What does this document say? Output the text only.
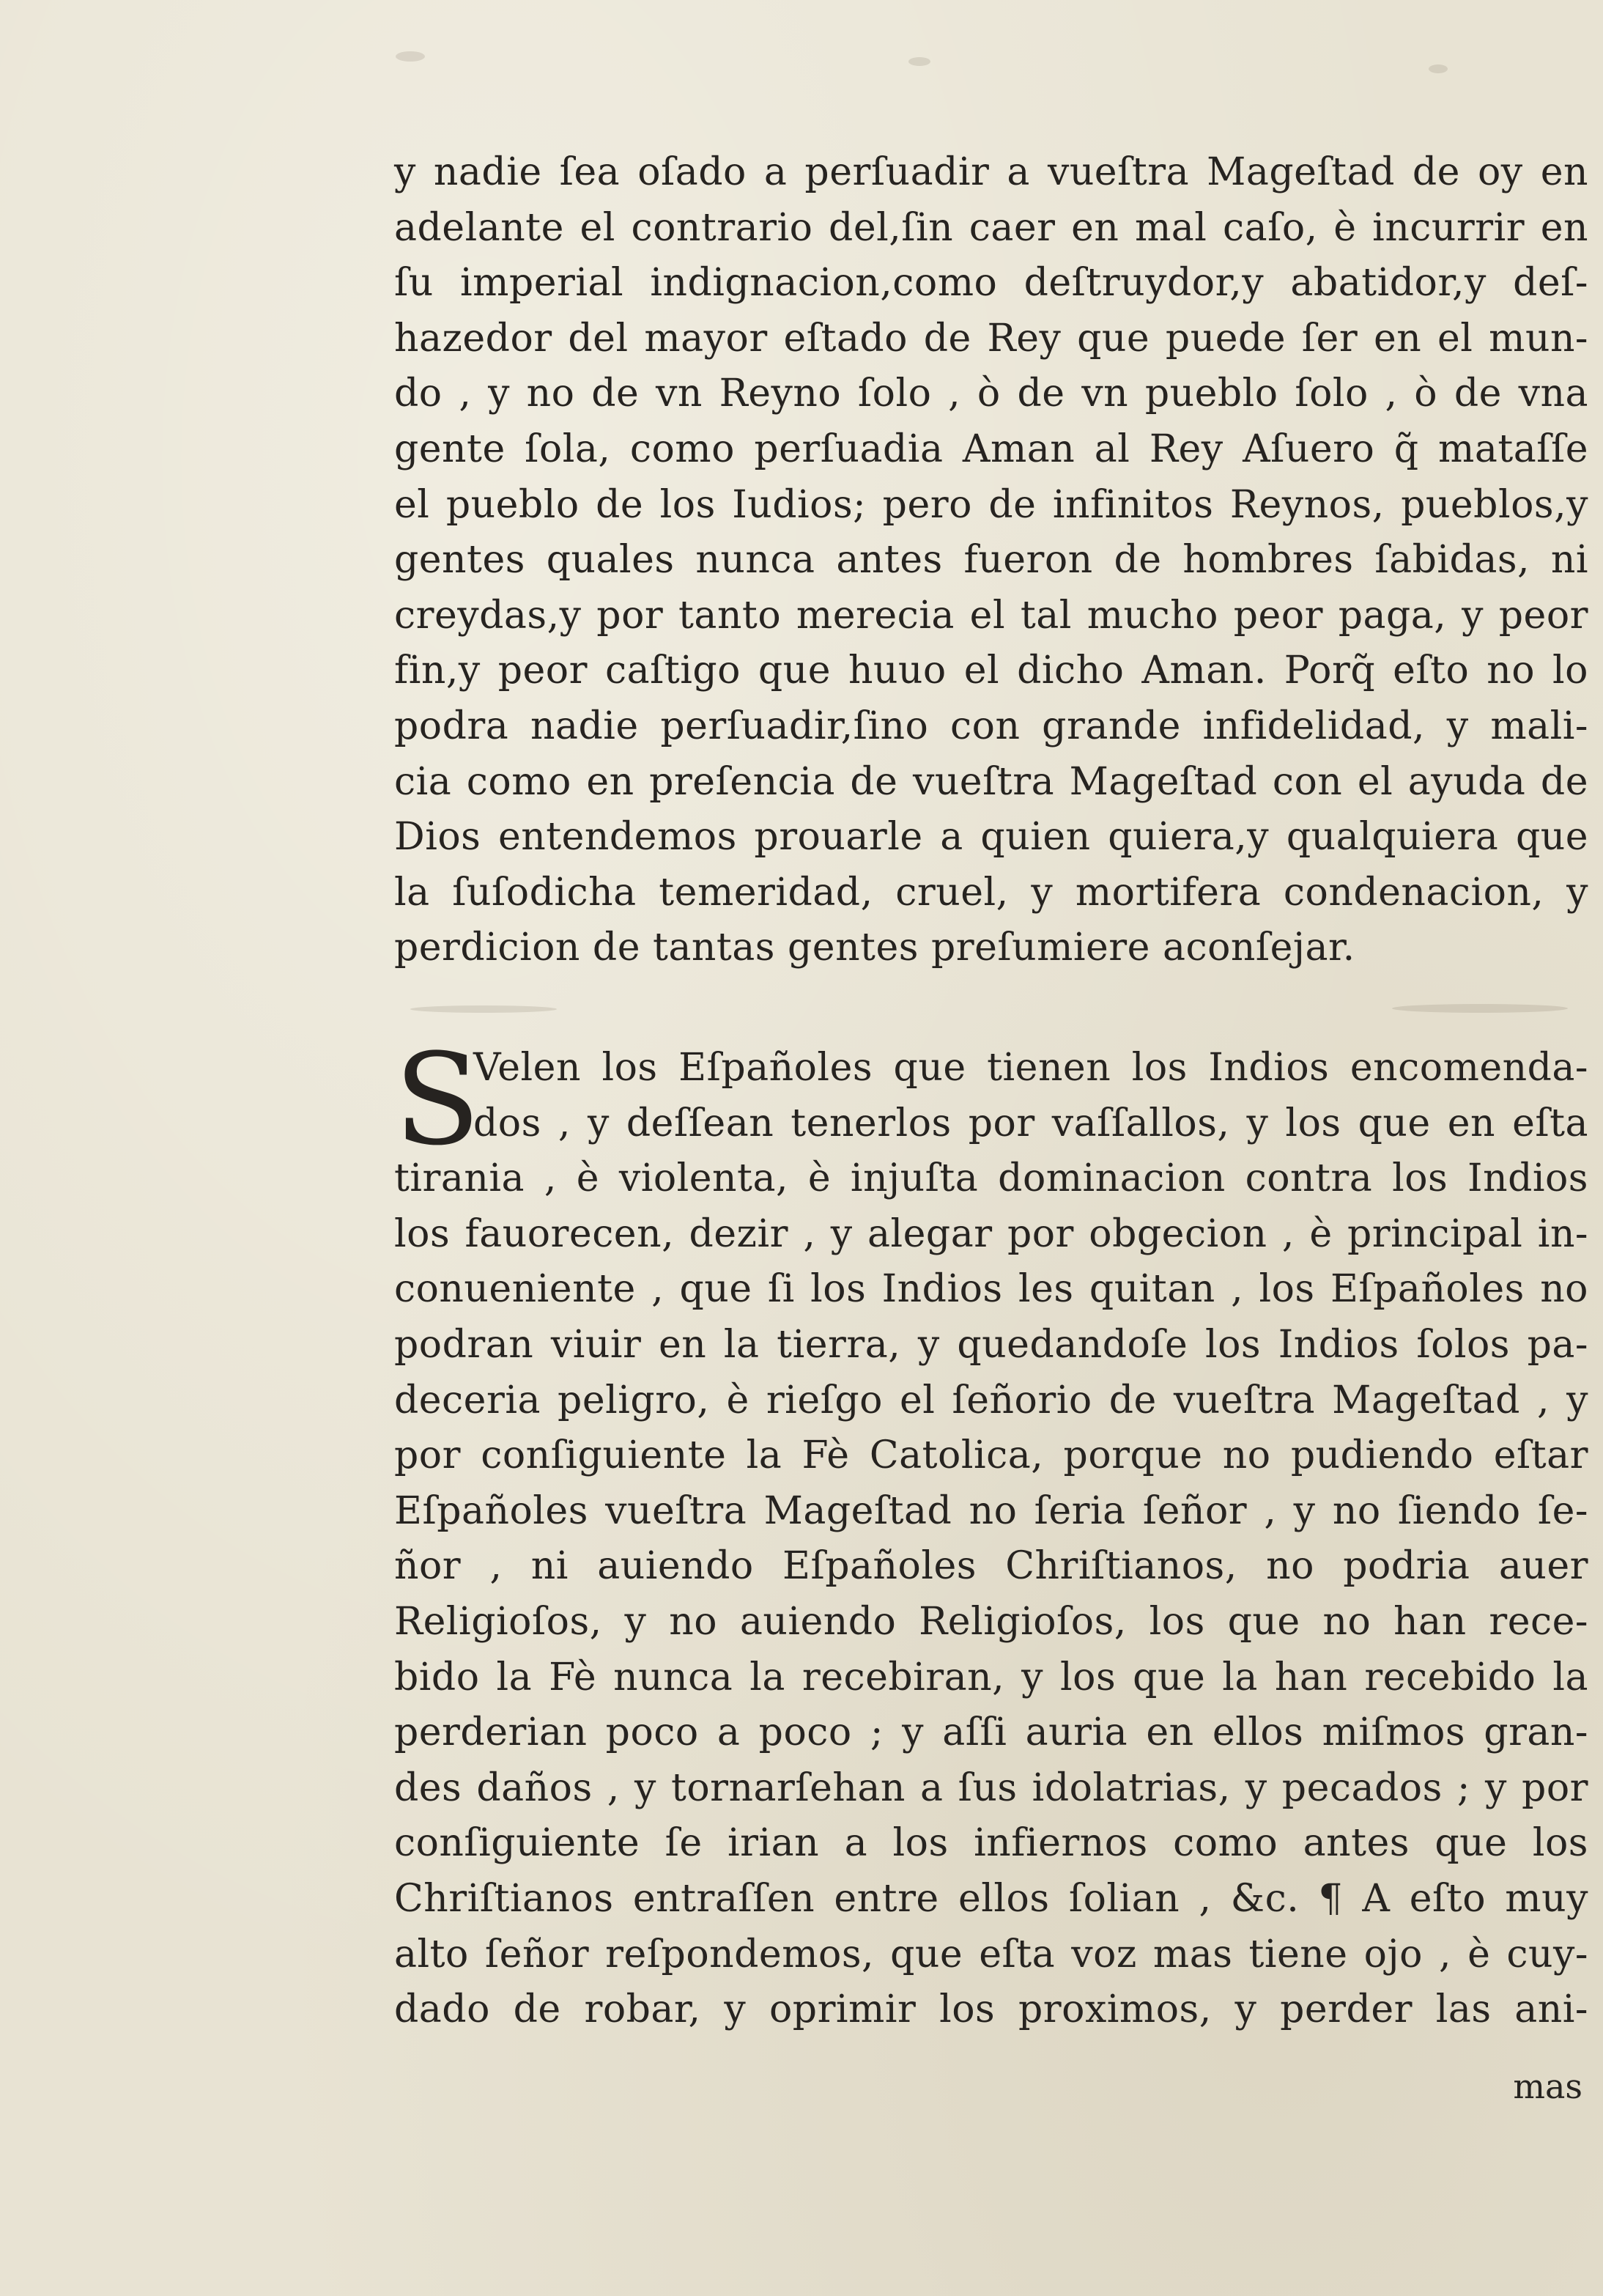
y nadie ſea oſado a perſuadir a vueſtra Mageſtad de oy en
adelante el contrario del,ſin caer en mal caſo, è incurrir en
ſu imperial indignacion,como deſtruydor,y abatidor,y deſ-
hazedor del mayor eſtado de Rey que puede ſer en el mun-
do , y no de vn Reyno ſolo , ò de vn pueblo ſolo , ò de vna
gente ſola, como perſuadia Aman al Rey Aſuero q̃ mataſſe
el pueblo de los Iudios; pero de infinitos Reynos, pueblos,y
gentes quales nunca antes fueron de hombres ſabidas, ni
creydas,y por tanto merecia el tal mucho peor paga, y peor
fin,y peor caſtigo que huuo el dicho Aman. Porq̃ eſto no lo
podra nadie perſuadir,ſino con grande infidelidad, y mali-
cia como en preſencia de vueſtra Mageſtad con el ayuda de
Dios entendemos prouarle a quien quiera,y qualquiera que
la ſuſodicha temeridad, cruel, y mortifera condenacion, y
perdicion de tantas gentes preſumiere aconſejar.
S
Velen los Eſpañoles que tienen los Indios encomenda-
dos , y deſſean tenerlos por vaſſallos, y los que en eſta
tirania , è violenta, è injuſta dominacion contra los Indios
los fauorecen, dezir , y alegar por obgecion , è principal in-
conueniente , que ſi los Indios les quitan , los Eſpañoles no
podran viuir en la tierra, y quedandoſe los Indios ſolos pa-
deceria peligro, è rieſgo el ſeñorio de vueſtra Mageſtad , y
por conſiguiente la Fè Catolica, porque no pudiendo eſtar
Eſpañoles vueſtra Mageſtad no ſeria ſeñor , y no ſiendo ſe-
ñor , ni auiendo Eſpañoles Chriſtianos, no podria auer
Religioſos, y no auiendo Religioſos, los que no han rece-
bido la Fè nunca la recebiran, y los que la han recebido la
perderian poco a poco ; y aſſi auria en ellos miſmos gran-
des daños , y tornarſehan a ſus idolatrias, y pecados ; y por
conſiguiente ſe irian a los infiernos como antes que los
Chriſtianos entraſſen entre ellos ſolian , &c. ¶ A eſto muy
alto ſeñor reſpondemos, que eſta voz mas tiene ojo , è cuy-
dado de robar, y oprimir los proximos, y perder las ani-
mas
